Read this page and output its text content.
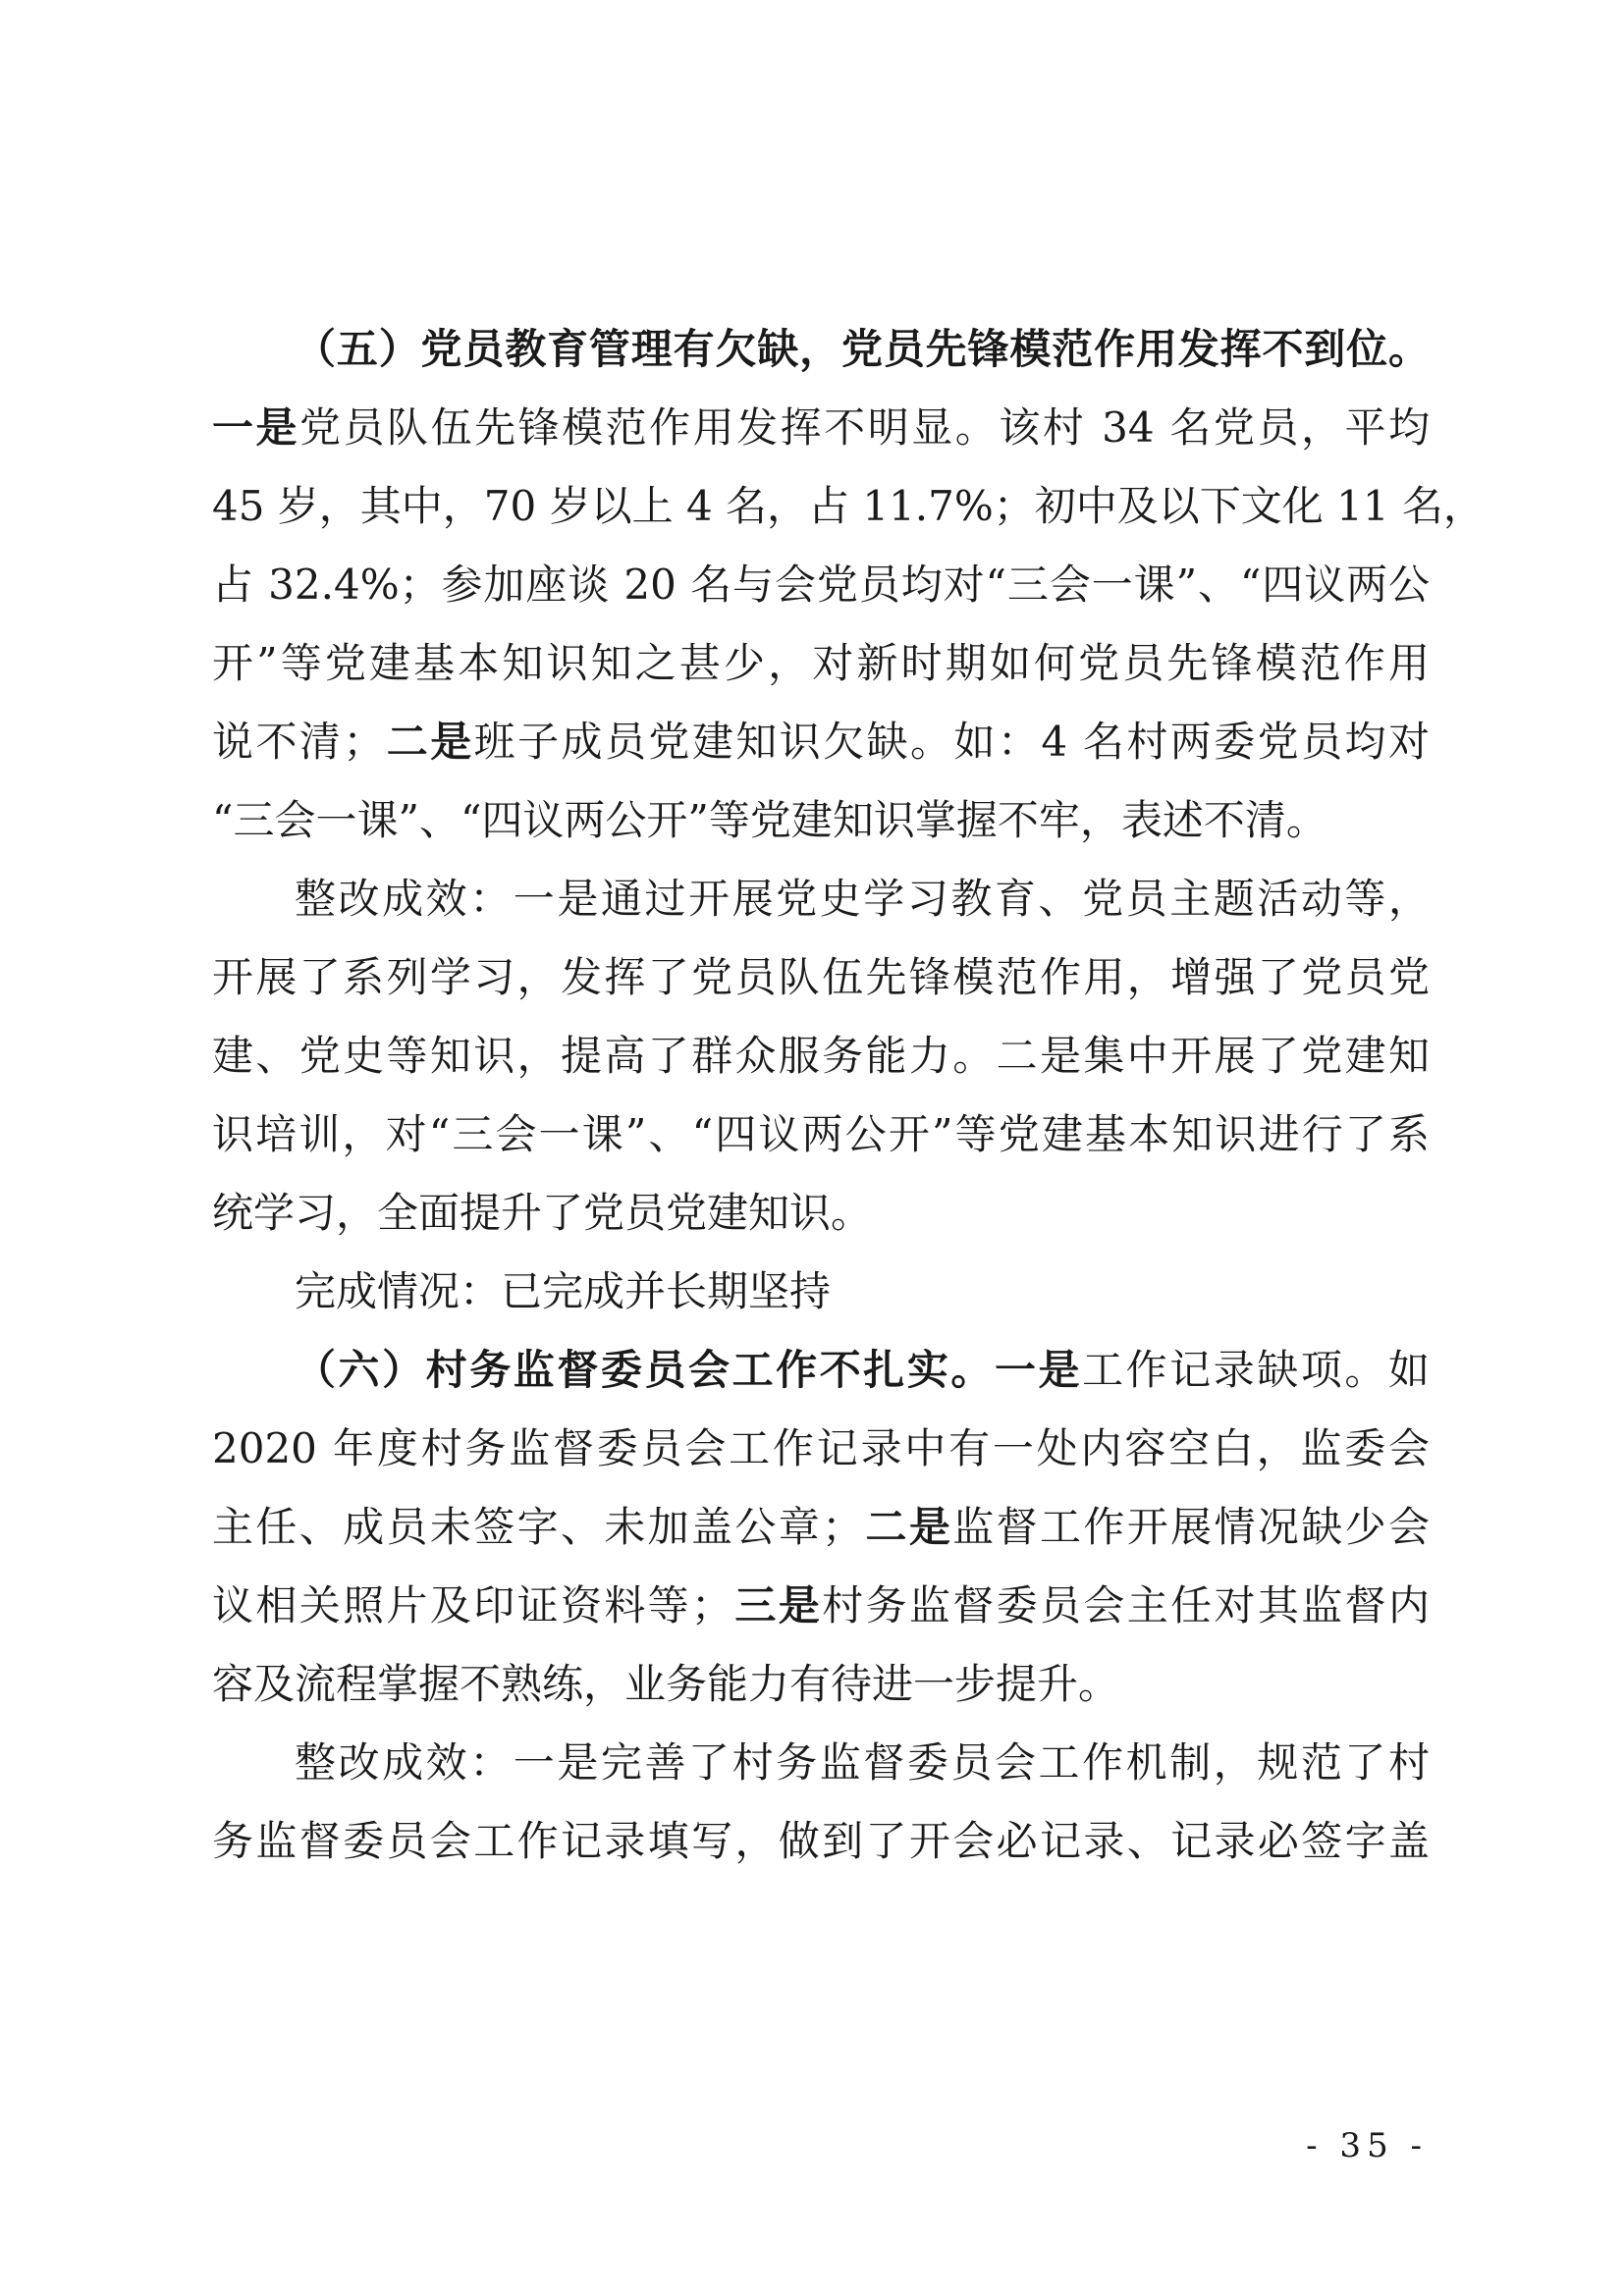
（五）党员教育管理有欠缺，党员先锋模范作用发挥不到位。
一是党员队伍先锋模范作用发挥不明显。该村 34 名党员，平均
45 岁，其中，70 岁以上 4 名，占 11.7%；初中及以下文化 11 名，
占 32.4%；参加座谈 20 名与会党员均对“三会一课”、“四议两公
开”等党建基本知识知之甚少，对新时期如何党员先锋模范作用
说不清；二是班子成员党建知识欠缺。如：4 名村两委党员均对
“三会一课”、“四议两公开”等党建知识掌握不牢，表述不清。
整改成效：一是通过开展党史学习教育、党员主题活动等，
开展了系列学习，发挥了党员队伍先锋模范作用，增强了党员党
建、党史等知识，提高了群众服务能力。二是集中开展了党建知
识培训，对“三会一课”、“四议两公开”等党建基本知识进行了系
统学习，全面提升了党员党建知识。
完成情况：已完成并长期坚持
（六）村务监督委员会工作不扎实。一是工作记录缺项。如
2020 年度村务监督委员会工作记录中有一处内容空白，监委会
主任、成员未签字、未加盖公章；二是监督工作开展情况缺少会
议相关照片及印证资料等；三是村务监督委员会主任对其监督内
容及流程掌握不熟练，业务能力有待进一步提升。
整改成效：一是完善了村务监督委员会工作机制，规范了村
务监督委员会工作记录填写，做到了开会必记录、记录必签字盖
- 35 -
